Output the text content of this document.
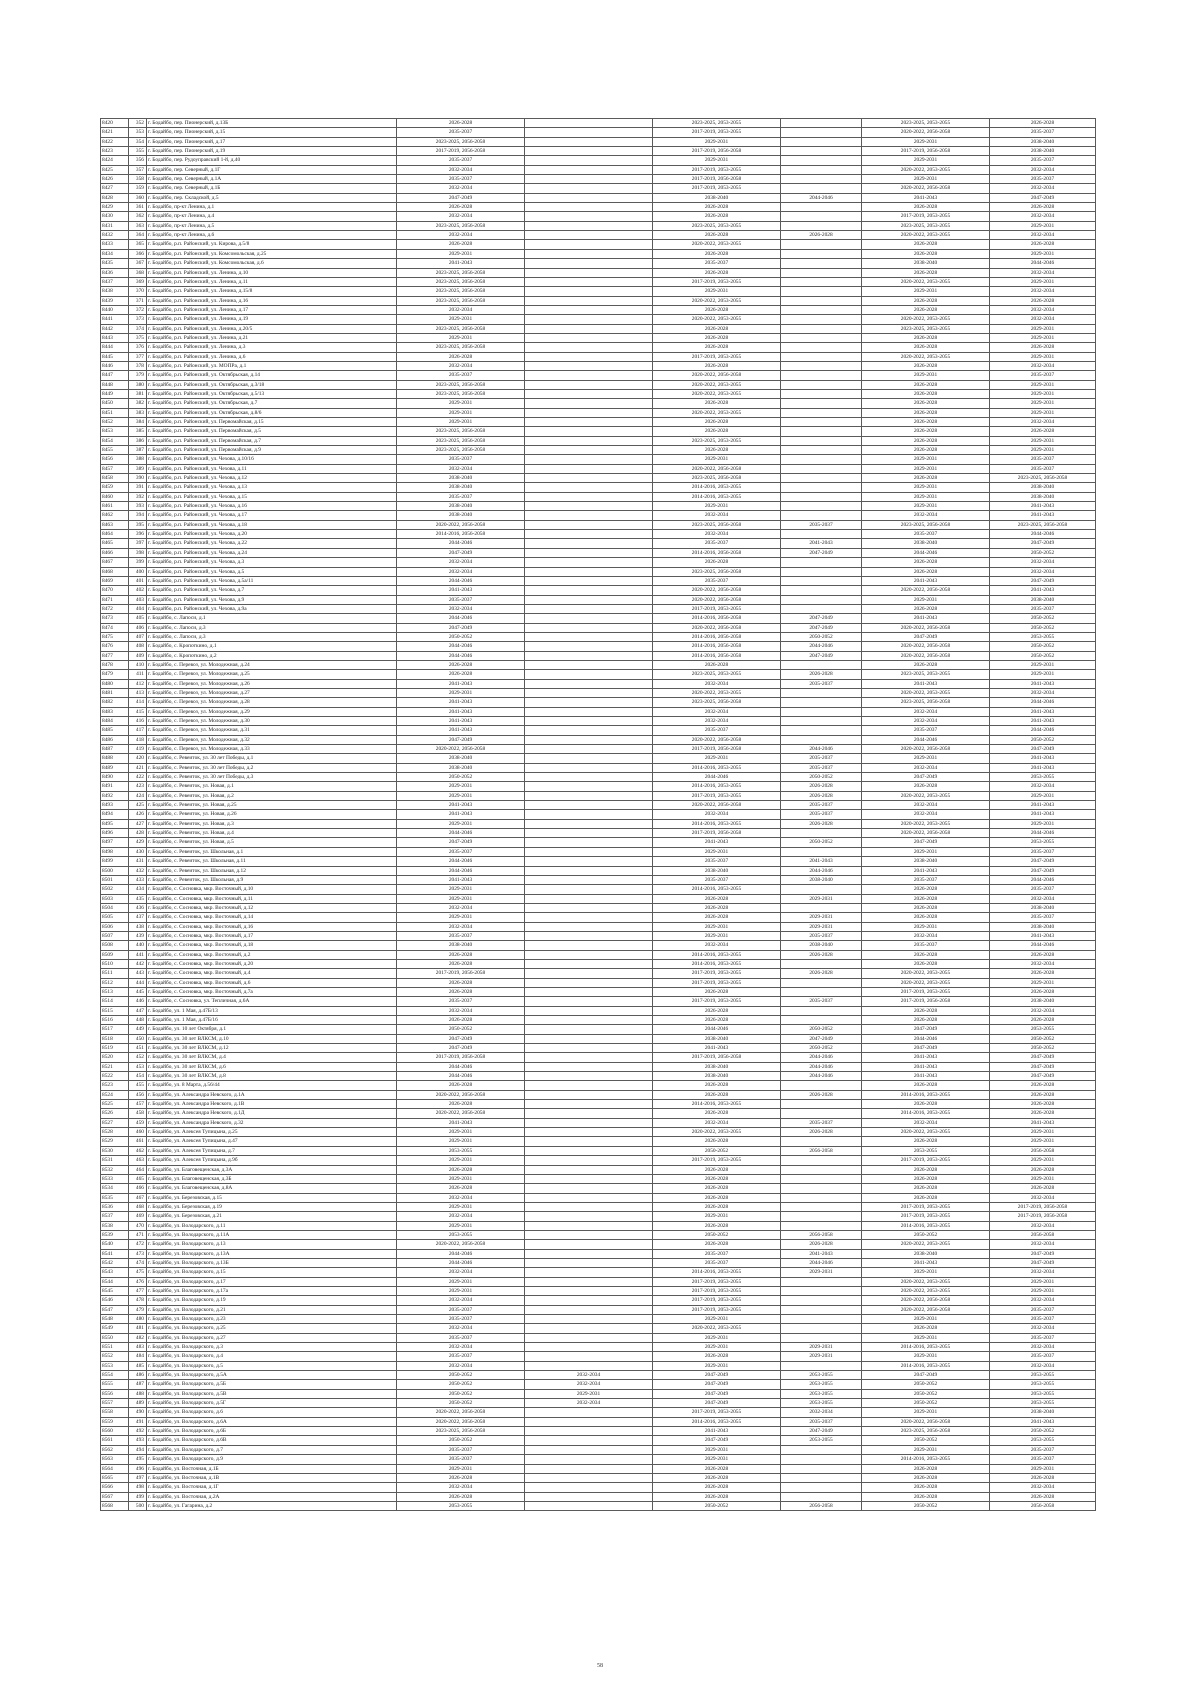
8420	352	г. Бодайбо, пер. Пионерский, д.13Б	2026-2028		2023-2025, 2053-2055		2023-2025, 2053-2055	2026-2028
8421	353	г. Бодайбо, пер. Пионерский, д.15	2035-2037		2017-2019, 2053-2055		2020-2022, 2056-2058	2035-2037
8422	354	г. Бодайбо, пер. Пионерский, д.17	2023-2025, 2056-2058		2029-2031		2029-2031	2038-2040
8423	355	г. Бодайбо, пер. Пионерский, д.19	2017-2019, 2056-2058		2017-2019, 2056-2058		2017-2019, 2056-2058	2038-2040
8424	356	г. Бодайбо, пер. Рудоуправский 1-й, д.40	2035-2037		2029-2031		2029-2031	2035-2037
8425	357	г. Бодайбо, пер. Северный, д.1Г	2032-2034		2017-2019, 2053-2055		2020-2022, 2053-2055	2032-2034
8426	358	г. Бодайбо, пер. Северный, д.1А	2035-2037		2017-2019, 2056-2058		2029-2031	2035-2037
8427	359	г. Бодайбо, пер. Северный, д.1Б	2032-2034		2017-2019, 2053-2055		2020-2022, 2056-2058	2032-2034
8428	360	г. Бодайбо, пер. Складской, д.5	2047-2049		2038-2040	2044-2046	2041-2043	2047-2049
8429	361	г. Бодайбо, пр-кт Ленина, д.1	2026-2028		2026-2028		2026-2028	2026-2028
8430	362	г. Бодайбо, пр-кт Ленина, д.4	2032-2034		2026-2028		2017-2019, 2053-2055	2032-2034
8431	363	г. Бодайбо, пр-кт Ленина, д.5	2023-2025, 2056-2058		2023-2025, 2053-2055		2023-2025, 2053-2055	2029-2031
8432	364	г. Бодайбо, пр-кт Ленина, д.6	2032-2034		2026-2028	2026-2028	2020-2022, 2053-2055	2032-2034
8433	365	г. Бодайбо, р.п. Районский, ул. Кирова, д.5/8	2026-2028		2020-2022, 2053-2055		2026-2028	2026-2028
8434	366	г. Бодайбо, р.п. Районский, ул. Комсомольская, д.25	2029-2031		2026-2028		2026-2028	2029-2031
8435	367	г. Бодайбо, р.п. Районский, ул. Комсомольская, д.6	2041-2043		2035-2037		2038-2040	2044-2046
8436	368	г. Бодайбо, р.п. Районский, ул. Ленина, д.10	2023-2025, 2056-2058		2026-2028		2026-2028	2032-2034
8437	369	г. Бодайбо, р.п. Районский, ул. Ленина, д.11	2023-2025, 2056-2058		2017-2019, 2053-2055		2020-2022, 2053-2055	2029-2031
8438	370	г. Бодайбо, р.п. Районский, ул. Ленина, д.15/8	2023-2025, 2056-2058		2029-2031		2029-2031	2032-2034
8439	371	г. Бодайбо, р.п. Районский, ул. Ленина, д.16	2023-2025, 2056-2058		2020-2022, 2053-2055		2026-2028	2026-2028
8440	372	г. Бодайбо, р.п. Районский, ул. Ленина, д.17	2032-2034		2026-2028		2026-2028	2032-2034
8441	373	г. Бодайбо, р.п. Районский, ул. Ленина, д.19	2029-2031		2020-2022, 2053-2055		2020-2022, 2053-2055	2032-2034
8442	374	г. Бодайбо, р.п. Районский, ул. Ленина, д.20/5	2023-2025, 2056-2058		2026-2028		2023-2025, 2053-2055	2029-2031
8443	375	г. Бодайбо, р.п. Районский, ул. Ленина, д.21	2029-2031		2026-2028		2026-2028	2029-2031
8444	376	г. Бодайбо, р.п. Районский, ул. Ленина, д.3	2023-2025, 2056-2058		2026-2028		2026-2028	2026-2028
8445	377	г. Бодайбо, р.п. Районский, ул. Ленина, д.6	2026-2028		2017-2019, 2053-2055		2020-2022, 2053-2055	2029-2031
8446	378	г. Бодайбо, р.п. Районский, ул. МОПРа, д.1	2032-2034		2026-2028		2026-2028	2032-2034
8447	379	г. Бодайбо, р.п. Районский, ул. Октябрьская, д.14	2035-2037		2020-2022, 2056-2058		2029-2031	2035-2037
8448	380	г. Бодайбо, р.п. Районский, ул. Октябрьская, д.3/18	2023-2025, 2056-2058		2020-2022, 2053-2055		2026-2028	2029-2031
8449	381	г. Бодайбо, р.п. Районский, ул. Октябрьская, д.5/13	2023-2025, 2056-2058		2020-2022, 2053-2055		2026-2028	2029-2031
8450	382	г. Бодайбо, р.п. Районский, ул. Октябрьская, д.7	2029-2031		2026-2028		2026-2028	2029-2031
8451	383	г. Бодайбо, р.п. Районский, ул. Октябрьская, д.8/6	2029-2031		2020-2022, 2053-2055		2026-2028	2029-2031
8452	384	г. Бодайбо, р.п. Районский, ул. Первомайская, д.15	2029-2031		2026-2028		2026-2028	2032-2034
8453	385	г. Бодайбо, р.п. Районский, ул. Первомайская, д.5	2023-2025, 2056-2058		2026-2028		2026-2028	2026-2028
8454	386	г. Бодайбо, р.п. Районский, ул. Первомайская, д.7	2023-2025, 2056-2058		2023-2025, 2053-2055		2026-2028	2029-2031
8455	387	г. Бодайбо, р.п. Районский, ул. Первомайская, д.9	2023-2025, 2056-2058		2026-2028		2026-2028	2029-2031
8456	388	г. Бодайбо, р.п. Районский, ул. Чехова, д.10/16	2035-2037		2029-2031		2029-2031	2035-2037
8457	389	г. Бодайбо, р.п. Районский, ул. Чехова, д.11	2032-2034		2020-2022, 2056-2058		2029-2031	2035-2037
8458	390	г. Бодайбо, р.п. Районский, ул. Чехова, д.12	2038-2040		2023-2025, 2056-2058		2026-2028	2023-2025, 2056-2058
8459	391	г. Бодайбо, р.п. Районский, ул. Чехова, д.13	2038-2040		2014-2016, 2053-2055		2029-2031	2038-2040
8460	392	г. Бодайбо, р.п. Районский, ул. Чехова, д.15	2035-2037		2014-2016, 2053-2055		2029-2031	2038-2040
8461	393	г. Бодайбо, р.п. Районский, ул. Чехова, д.16	2038-2040		2029-2031		2029-2031	2041-2043
8462	394	г. Бодайбо, р.п. Районский, ул. Чехова, д.17	2038-2040		2032-2034		2032-2034	2041-2043
8463	395	г. Бодайбо, р.п. Районский, ул. Чехова, д.18	2020-2022, 2056-2058		2023-2025, 2056-2058	2035-2037	2023-2025, 2056-2058	2023-2025, 2056-2058
8464	396	г. Бодайбо, р.п. Районский, ул. Чехова, д.20	2014-2016, 2056-2058		2032-2034		2035-2037	2044-2046
8465	397	г. Бодайбо, р.п. Районский, ул. Чехова, д.22	2044-2046		2035-2037	2041-2043	2038-2040	2047-2049
8466	398	г. Бодайбо, р.п. Районский, ул. Чехова, д.24	2047-2049		2014-2016, 2056-2058	2047-2049	2044-2046	2050-2052
8467	399	г. Бодайбо, р.п. Районский, ул. Чехова, д.3	2032-2034		2026-2028		2026-2028	2032-2034
8468	400	г. Бодайбо, р.п. Районский, ул. Чехова, д.5	2032-2034		2023-2025, 2056-2058		2026-2028	2032-2034
8469	401	г. Бодайбо, р.п. Районский, ул. Чехова, д.5а/11	2044-2046		2035-2037		2041-2043	2047-2049
8470	402	г. Бодайбо, р.п. Районский, ул. Чехова, д.7	2041-2043		2020-2022, 2056-2058		2020-2022, 2056-2058	2041-2043
8471	403	г. Бодайбо, р.п. Районский, ул. Чехова, д.9	2035-2037		2020-2022, 2056-2058		2029-2031	2038-2040
8472	404	г. Бодайбо, р.п. Районский, ул. Чехова, д.9а	2032-2034		2017-2019, 2053-2055		2026-2028	2035-2037
8473	405	г. Бодайбо, с. Лапоси, д.1	2044-2046		2014-2016, 2056-2058	2047-2049	2041-2043	2050-2052
8474	406	г. Бодайбо, с. Лапоси, д.3	2047-2049		2020-2022, 2056-2058	2047-2049	2020-2022, 2056-2058	2050-2052
8475	407	г. Бодайбо, с. Лапоси, д.3	2050-2052		2014-2016, 2056-2058	2050-2052	2047-2049	2053-2055
8476	408	г. Бодайбо, с. Кропоткино, д.1	2044-2046		2014-2016, 2056-2058	2044-2046	2020-2022, 2056-2058	2050-2052
8477	409	г. Бодайбо, с. Кропоткино, д.2	2044-2046		2014-2016, 2056-2058	2047-2049	2020-2022, 2056-2058	2050-2052
8478	410	г. Бодайбо, с. Перевоз, ул. Молодежная, д.24	2026-2028		2026-2028		2026-2028	2029-2031
8479	411	г. Бодайбо, с. Перевоз, ул. Молодежная, д.25	2026-2028		2023-2025, 2053-2055	2026-2028	2023-2025, 2053-2055	2029-2031
8480	412	г. Бодайбо, с. Перевоз, ул. Молодежная, д.26	2041-2043		2032-2034	2035-2037	2041-2043	2041-2043
8481	413	г. Бодайбо, с. Перевоз, ул. Молодежная, д.27	2029-2031		2020-2022, 2053-2055		2020-2022, 2053-2055	2032-2034
8482	414	г. Бодайбо, с. Перевоз, ул. Молодежная, д.28	2041-2043		2023-2025, 2056-2058		2023-2025, 2056-2058	2044-2046
8483	415	г. Бодайбо, с. Перевоз, ул. Молодежная, д.29	2041-2043		2032-2034		2032-2034	2041-2043
8484	416	г. Бодайбо, с. Перевоз, ул. Молодежная, д.30	2041-2043		2032-2034		2032-2034	2041-2043
8485	417	г. Бодайбо, с. Перевоз, ул. Молодежная, д.31	2041-2043		2035-2037		2035-2037	2044-2046
8486	418	г. Бодайбо, с. Перевоз, ул. Молодежная, д.32	2047-2049		2020-2022, 2056-2058		2044-2046	2050-2052
8487	419	г. Бодайбо, с. Перевоз, ул. Молодежная, д.33	2020-2022, 2056-2058		2017-2019, 2056-2058	2044-2046	2020-2022, 2056-2058	2047-2049
8488	420	г. Бодайбо, с. Ревеиток, ул. 30 лет Победы, д.1	2038-2040		2029-2031	2035-2037	2029-2031	2041-2043
8489	421	г. Бодайбо, с. Ревеиток, ул. 30 лет Победы, д.2	2038-2040		2014-2016, 2053-2055	2035-2037	2032-2034	2041-2043
8490	422	г. Бодайбо, с. Ревеиток, ул. 30 лет Победы, д.3	2050-2052		2044-2046	2050-2052	2047-2049	2053-2055
8491	423	г. Бодайбо, с. Ревеиток, ул. Новая, д.1	2029-2031		2014-2016, 2053-2055	2026-2028	2026-2028	2032-2034
8492	424	г. Бодайбо, с. Ревеиток, ул. Новая, д.2	2029-2031		2017-2019, 2053-2055	2026-2028	2020-2022, 2053-2055	2029-2031
8493	425	г. Бодайбо, с. Ревеиток, ул. Новая, д.25	2041-2043		2020-2022, 2056-2058	2035-2037	2032-2034	2041-2043
8494	426	г. Бодайбо, с. Ревеиток, ул. Новая, д.26	2041-2043		2032-2034	2035-2037	2032-2034	2041-2043
8495	427	г. Бодайбо, с. Ревеиток, ул. Новая, д.3	2029-2031		2014-2016, 2053-2055	2026-2028	2020-2022, 2053-2055	2029-2031
8496	428	г. Бодайбо, с. Ревеиток, ул. Новая, д.4	2044-2046		2017-2019, 2056-2058		2020-2022, 2056-2058	2044-2046
8497	429	г. Бодайбо, с. Ревеиток, ул. Новая, д.5	2047-2049		2041-2043	2050-2052	2047-2049	2053-2055
8498	430	г. Бодайбо, с. Ревеиток, ул. Школьная, д.1	2035-2037		2029-2031		2029-2031	2035-2037
8499	431	г. Бодайбо, с. Ревеиток, ул. Школьная, д.11	2044-2046		2035-2037	2041-2043	2038-2040	2047-2049
8500	432	г. Бодайбо, с. Ревеиток, ул. Школьная, д.12	2044-2046		2038-2040	2044-2046	2041-2043	2047-2049
8501	433	г. Бодайбо, с. Ревеиток, ул. Школьная, д.9	2041-2043		2035-2037	2038-2040	2035-2037	2044-2046
8502	434	г. Бодайбо, с. Сосновка, мкр. Восточный, д.10	2029-2031		2014-2016, 2053-2055		2026-2028	2035-2037
8503	435	г. Бодайбо, с. Сосновка, мкр. Восточный, д.11	2029-2031		2026-2028	2029-2031	2026-2028	2032-2034
8504	436	г. Бодайбо, с. Сосновка, мкр. Восточный, д.12	2032-2034		2026-2028		2026-2028	2038-2040
8505	437	г. Бодайбо, с. Сосновка, мкр. Восточный, д.14	2029-2031		2026-2028	2029-2031	2026-2028	2035-2037
8506	438	г. Бодайбо, с. Сосновка, мкр. Восточный, д.16	2032-2034		2029-2031	2029-2031	2029-2031	2038-2040
8507	439	г. Бодайбо, с. Сосновка, мкр. Восточный, д.17	2035-2037		2029-2031	2035-2037	2032-2034	2041-2043
8508	440	г. Бодайбо, с. Сосновка, мкр. Восточный, д.18	2038-2040		2032-2034	2038-2040	2035-2037	2044-2046
8509	441	г. Бодайбо, с. Сосновка, мкр. Восточный, д.2	2026-2028		2014-2016, 2053-2055	2026-2028	2026-2028	2026-2028
8510	442	г. Бодайбо, с. Сосновка, мкр. Восточный, д.20	2026-2028		2014-2016, 2053-2055		2026-2028	2032-2034
8511	443	г. Бодайбо, с. Сосновка, мкр. Восточный, д.4	2017-2019, 2056-2058		2017-2019, 2053-2055	2026-2028	2020-2022, 2053-2055	2026-2028
8512	444	г. Бодайбо, с. Сосновка, мкр. Восточный, д.6	2026-2028		2017-2019, 2053-2055		2020-2022, 2053-2055	2029-2031
8513	445	г. Бодайбо, с. Сосновка, мкр. Восточный, д.7а	2026-2028		2026-2028		2017-2019, 2053-2055	2026-2028
8514	446	г. Бодайбо, с. Сосновка, ул. Тепличная, д.6А	2035-2037		2017-2019, 2053-2055	2035-2037	2017-2019, 2056-2058	2038-2040
8515	447	г. Бодайбо, ул. 1 Мая, д.47Б/13	2032-2034		2026-2028		2026-2028	2032-2034
8516	448	г. Бодайбо, ул. 1 Мая, д.47Б/16	2026-2028		2026-2028		2026-2028	2026-2028
8517	449	г. Бодайбо, ул. 10 лет Октября, д.1	2050-2052		2044-2046	2050-2052	2047-2049	2053-2055
8518	450	г. Бодайбо, ул. 30 лет ВЛКСМ, д.10	2047-2049		2038-2040	2047-2049	2044-2046	2050-2052
8519	451	г. Бодайбо, ул. 30 лет ВЛКСМ, д.12	2047-2049		2041-2043	2050-2052	2047-2049	2050-2052
8520	452	г. Бодайбо, ул. 30 лет ВЛКСМ, д.4	2017-2019, 2056-2058		2017-2019, 2056-2058	2044-2046	2041-2043	2047-2049
8521	453	г. Бодайбо, ул. 30 лет ВЛКСМ, д.6	2044-2046		2038-2040	2044-2046	2041-2043	2047-2049
8522	454	г. Бодайбо, ул. 30 лет ВЛКСМ, д.8	2044-2046		2038-2040	2044-2046	2041-2043	2047-2049
8523	455	г. Бодайбо, ул. 8 Марта, д.56/44	2026-2028		2026-2028		2026-2028	2026-2028
8524	456	г. Бодайбо, ул. Александра Невского, д.1А	2020-2022, 2056-2058		2026-2028	2026-2028	2014-2016, 2053-2055	2026-2028
8525	457	г. Бодайбо, ул. Александра Невского, д.1В	2026-2028		2014-2016, 2053-2055		2026-2028	2026-2028
8526	458	г. Бодайбо, ул. Александра Невского, д.1Д	2020-2022, 2056-2058		2026-2028		2014-2016, 2053-2055	2026-2028
8527	459	г. Бодайбо, ул. Александра Невского, д.32	2041-2043		2032-2034	2035-2037	2032-2034	2041-2043
8528	460	г. Бодайбо, ул. Алексея Тупицына, д.25	2029-2031		2020-2022, 2053-2055	2026-2028	2020-2022, 2053-2055	2029-2031
8529	461	г. Бодайбо, ул. Алексея Тупицына, д.47	2029-2031		2026-2028		2026-2028	2029-2031
8530	462	г. Бодайбо, ул. Алексея Тупицына, д.7	2053-2055		2050-2052	2056-2058	2053-2055	2056-2058
8531	463	г. Бодайбо, ул. Алексея Тупицына, д.9б	2029-2031		2017-2019, 2053-2055		2017-2019, 2053-2055	2029-2031
8532	464	г. Бодайбо, ул. Благовещенская, д.3А	2026-2028		2026-2028		2026-2028	2026-2028
8533	465	г. Бодайбо, ул. Благовещенская, д.3Б	2029-2031		2026-2028		2026-2028	2029-2031
8534	466	г. Бодайбо, ул. Благовещенская, д.8А	2026-2028		2026-2028		2026-2028	2026-2028
8535	467	г. Бодайбо, ул. Березовская, д.15	2032-2034		2026-2028		2026-2028	2032-2034
8536	468	г. Бодайбо, ул. Березовская, д.19	2029-2031		2026-2028		2017-2019, 2053-2055	2017-2019, 2056-2058
8537	469	г. Бодайбо, ул. Березовская, д.21	2032-2034		2029-2031		2017-2019, 2053-2055	2017-2019, 2056-2058
8538	470	г. Бодайбо, ул. Володарского, д.11	2029-2031		2026-2028		2014-2016, 2053-2055	2032-2034
8539	471	г. Бодайбо, ул. Володарского, д.11А	2053-2055		2050-2052	2056-2058	2050-2052	2056-2058
8540	472	г. Бодайбо, ул. Володарского, д.13	2020-2022, 2056-2058		2026-2028	2026-2028	2020-2022, 2053-2055	2032-2034
8541	473	г. Бодайбо, ул. Володарского, д.13А	2044-2046		2035-2037	2041-2043	2038-2040	2047-2049
8542	474	г. Бодайбо, ул. Володарского, д.13Б	2044-2046		2035-2037	2044-2046	2041-2043	2047-2049
8543	475	г. Бодайбо, ул. Володарского, д.15	2032-2034		2014-2016, 2053-2055	2029-2031	2029-2031	2032-2034
8544	476	г. Бодайбо, ул. Володарского, д.17	2029-2031		2017-2019, 2053-2055		2020-2022, 2053-2055	2029-2031
8545	477	г. Бодайбо, ул. Володарского, д.17а	2029-2031		2017-2019, 2053-2055		2020-2022, 2053-2055	2029-2031
8546	478	г. Бодайбо, ул. Володарского, д.19	2032-2034		2017-2019, 2053-2055		2020-2022, 2056-2058	2032-2034
8547	479	г. Бодайбо, ул. Володарского, д.21	2035-2037		2017-2019, 2053-2055		2020-2022, 2056-2058	2035-2037
8548	480	г. Бодайбо, ул. Володарского, д.23	2035-2037		2029-2031		2029-2031	2035-2037
8549	481	г. Бодайбо, ул. Володарского, д.25	2032-2034		2020-2022, 2053-2055		2026-2028	2032-2034
8550	482	г. Бодайбо, ул. Володарского, д.27	2035-2037		2029-2031		2029-2031	2035-2037
8551	483	г. Бодайбо, ул. Володарского, д.3	2032-2034		2029-2031	2029-2031	2014-2016, 2053-2055	2032-2034
8552	484	г. Бодайбо, ул. Володарского, д.4	2035-2037		2026-2028	2029-2031	2029-2031	2035-2037
8553	485	г. Бодайбо, ул. Володарского, д.5	2032-2034		2029-2031		2014-2016, 2053-2055	2032-2034
8554	486	г. Бодайбо, ул. Володарского, д.5А	2050-2052	2032-2034	2047-2049	2053-2055	2047-2049	2053-2055
8555	487	г. Бодайбо, ул. Володарского, д.5Б	2050-2052	2032-2034	2047-2049	2053-2055	2050-2052	2053-2055
8556	488	г. Бодайбо, ул. Володарского, д.5В	2050-2052	2029-2031	2047-2049	2053-2055	2050-2052	2053-2055
8557	489	г. Бодайбо, ул. Володарского, д.5Г	2050-2052	2032-2034	2047-2049	2053-2055	2050-2052	2053-2055
8558	490	г. Бодайбо, ул. Володарского, д.6	2020-2022, 2056-2058		2017-2019, 2053-2055	2032-2034	2029-2031	2038-2040
8559	491	г. Бодайбо, ул. Володарского, д.6А	2020-2022, 2056-2058		2014-2016, 2053-2055	2035-2037	2020-2022, 2056-2058	2041-2043
8560	492	г. Бодайбо, ул. Володарского, д.6Б	2023-2025, 2056-2058		2041-2043	2047-2049	2023-2025, 2056-2058	2050-2052
8561	493	г. Бодайбо, ул. Володарского, д.6В	2050-2052		2047-2049	2053-2055	2050-2052	2053-2055
8562	494	г. Бодайбо, ул. Володарского, д.7	2035-2037		2029-2031		2029-2031	2035-2037
8563	495	г. Бодайбо, ул. Володарского, д.9	2035-2037		2029-2031		2014-2016, 2053-2055	2035-2037
8564	496	г. Бодайбо, ул. Восточная, д.1Б	2029-2031		2026-2028		2026-2028	2029-2031
8565	497	г. Бодайбо, ул. Восточная, д.1В	2026-2028		2026-2028		2026-2028	2026-2028
8566	498	г. Бодайбо, ул. Восточная, д.1Г	2032-2034		2026-2028		2026-2028	2032-2034
8567	499	г. Бодайбо, ул. Восточная, д.2А	2026-2028		2026-2028		2026-2028	2026-2028
8568	500	г. Бодайбо, ул. Гагарина, д.2	2053-2055		2050-2052	2056-2058	2050-2052	2056-2058
58
